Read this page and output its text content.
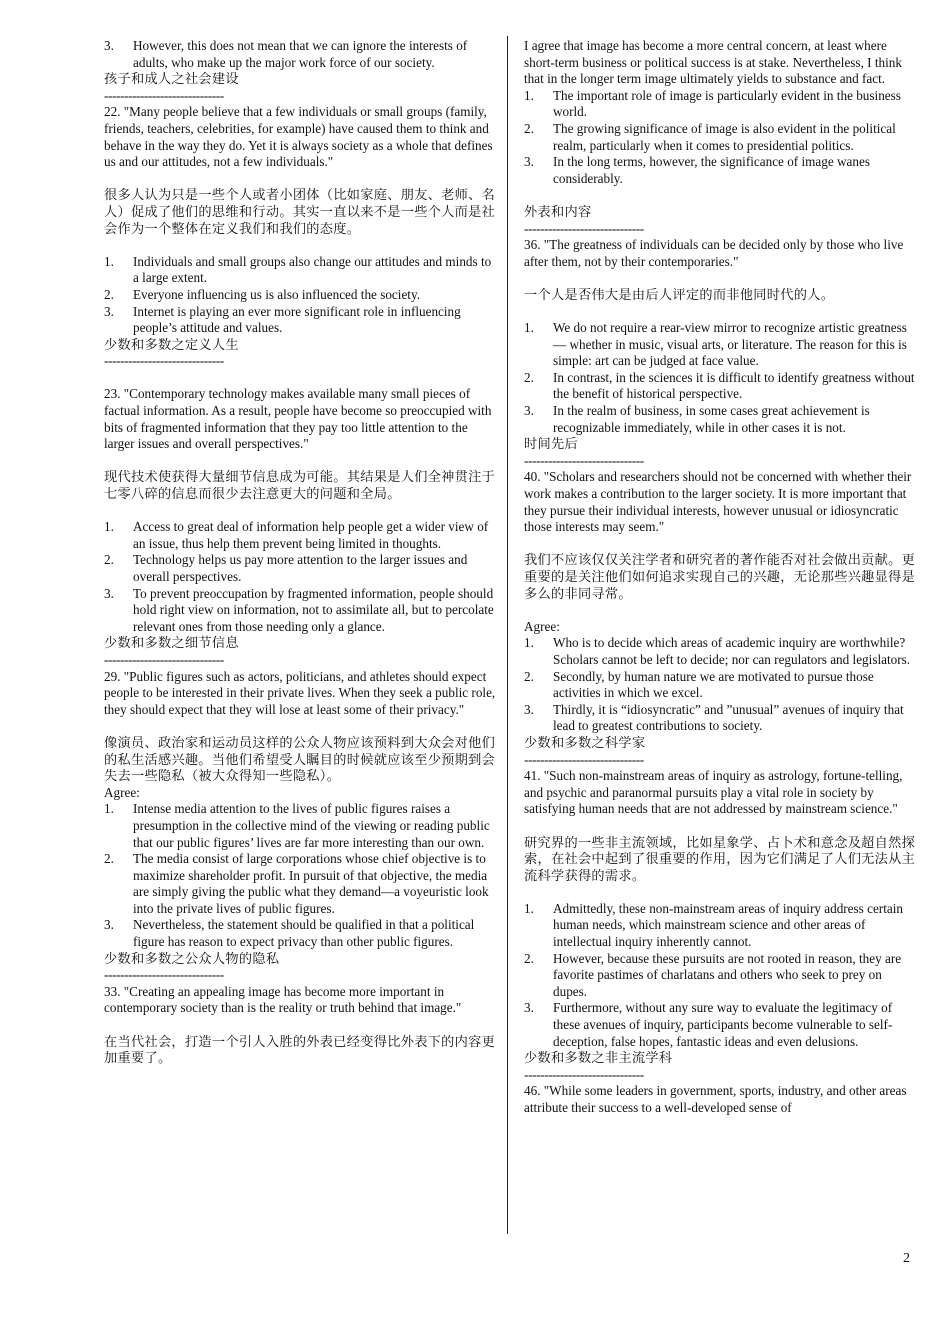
3. However, this does not mean that we can ignore the interests of adults, who make up the major work force of our society.

孩子和成人之社会建设

------------------------------

22. "Many people believe that a few individuals or small groups (family, friends, teachers, celebrities, for example) have caused them to think and behave in the way they do. Yet it is always society as a whole that defines us and our attitudes, not a few individuals."

很多人认为只是一些个人或者小团体（比如家庭、朋友、老师、名人）促成了他们的思维和行动。其实一直以来不是一些个人而是社会作为一个整体在定义我们和我们的态度。

1. Individuals and small groups also change our attitudes and minds to a large extent.
2. Everyone influencing us is also influenced the society.
3. Internet is playing an ever more significant role in influencing people’s attitude and values.

少数和多数之定义人生

------------------------------

23. "Contemporary technology makes available many small pieces of factual information. As a result, people have become so preoccupied with bits of fragmented information that they pay too little attention to the larger issues and overall perspectives."

现代技术使获得大量细节信息成为可能。其结果是人们全神贯注于七零八碎的信息而很少去注意更大的问题和全局。

1. Access to great deal of information help people get a wider view of an issue, thus help them prevent being limited in thoughts.
2. Technology helps us pay more attention to the larger issues and overall perspectives.
3. To prevent preoccupation by fragmented information, people should hold right view on information, not to assimilate all, but to percolate relevant ones from those needing only a glance.

少数和多数之细节信息

------------------------------

29. "Public figures such as actors, politicians, and athletes should expect people to be interested in their private lives. When they seek a public role, they should expect that they will lose at least some of their privacy."

像演员、政治家和运动员这样的公众人物应该预料到大众会对他们的私生活感兴趣。当他们希望受人瞩目的时候就应该至少预期到会失去一些隐私（被大众得知一些隐私）。

Agree:

1. Intense media attention to the lives of public figures raises a presumption in the collective mind of the viewing or reading public that our public figures’ lives are far more interesting than our own.
2. The media consist of large corporations whose chief objective is to maximize shareholder profit. In pursuit of that objective, the media are simply giving the public what they demand—a voyeuristic look into the private lives of public figures.
3. Nevertheless, the statement should be qualified in that a political figure has reason to expect privacy than other public figures.

少数和多数之公众人物的隐私

------------------------------

33. "Creating an appealing image has become more important in contemporary society than is the reality or truth behind that image."

在当代社会，打造一个引人入胜的外表已经变得比外表下的内容更加重要了。

I agree that image has become a more central concern, at least where short-term business or political success is at stake. Nevertheless, I think that in the longer term image ultimately yields to substance and fact.

1. The important role of image is particularly evident in the business world.
2. The growing significance of image is also evident in the political realm, particularly when it comes to presidential politics.
3. In the long terms, however, the significance of image wanes considerably.

外表和内容

------------------------------

36. "The greatness of individuals can be decided only by those who live after them, not by their contemporaries."

一个人是否伟大是由后人评定的而非他同时代的人。

1. We do not require a rear-view mirror to recognize artistic greatness— whether in music, visual arts, or literature. The reason for this is simple: art can be judged at face value.
2. In contrast, in the sciences it is difficult to identify greatness without the benefit of historical perspective.
3. In the realm of business, in some cases great achievement is recognizable immediately, while in other cases it is not.

时间先后

------------------------------

40. "Scholars and researchers should not be concerned with whether their work makes a contribution to the larger society. It is more important that they pursue their individual interests, however unusual or idiosyncratic those interests may seem."

我们不应该仅仅关注学者和研究者的著作能否对社会做出贡献。更重要的是关注他们如何追求实现自己的兴趣，无论那些兴趣显得是多么的非同寻常。

Agree:

1. Who is to decide which areas of academic inquiry are worthwhile? Scholars cannot be left to decide; nor can regulators and legislators.
2. Secondly, by human nature we are motivated to pursue those activities in which we excel.
3. Thirdly, it is “idiosyncratic” and ”unusual” avenues of inquiry that lead to greatest contributions to society.

少数和多数之科学家

------------------------------

41. "Such non-mainstream areas of inquiry as astrology, fortune-telling, and psychic and paranormal pursuits play a vital role in society by satisfying human needs that are not addressed by mainstream science."

研究界的一些非主流领域，比如星象学、占卜术和意念及超自然探索，在社会中起到了很重要的作用，因为它们满足了人们无法从主流科学获得的需求。

1. Admittedly, these non-mainstream areas of inquiry address certain human needs, which mainstream science and other areas of intellectual inquiry inherently cannot.
2. However, because these pursuits are not rooted in reason, they are favorite pastimes of charlatans and others who seek to prey on dupes.
3. Furthermore, without any sure way to evaluate the legitimacy of these avenues of inquiry, participants become vulnerable to self-deception, false hopes, fantastic ideas and even delusions.

少数和多数之非主流学科

------------------------------

46. "While some leaders in government, sports, industry, and other areas attribute their success to a well-developed sense of

2
